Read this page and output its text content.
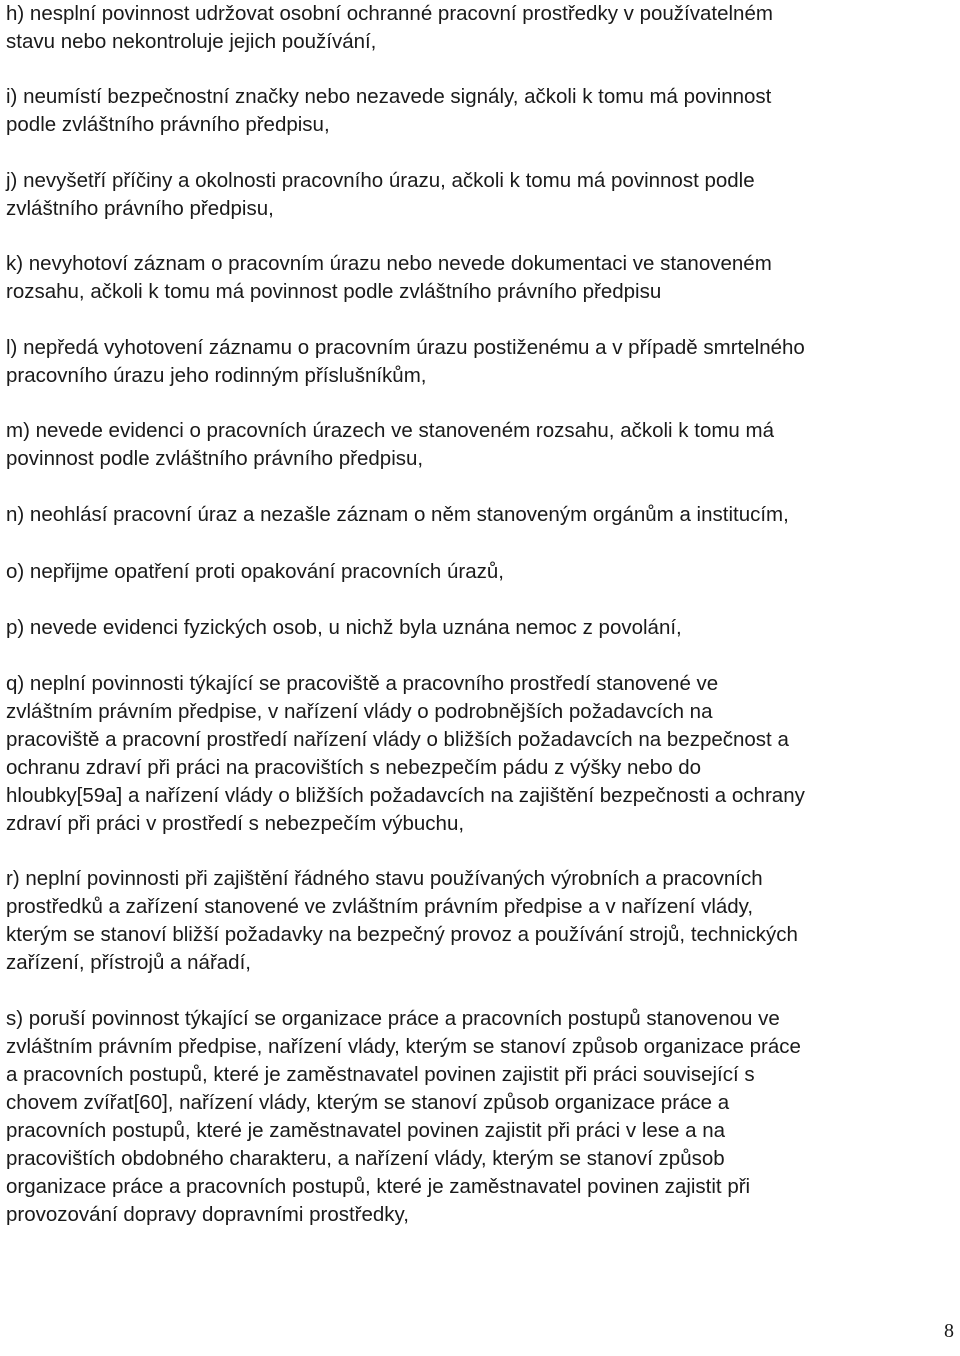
h) nesplní povinnost udržovat osobní ochranné pracovní prostředky v používatelném
stavu nebo nekontroluje jejich používání,

i) neumístí bezpečnostní značky nebo nezavede signály, ačkoli k tomu má povinnost
podle zvláštního právního předpisu,

j) nevyšetří příčiny a okolnosti pracovního úrazu, ačkoli k tomu má povinnost podle
zvláštního právního předpisu,

k) nevyhotoví záznam o pracovním úrazu nebo nevede dokumentaci ve stanoveném
rozsahu, ačkoli k tomu má povinnost podle zvláštního právního předpisu

l) nepředá vyhotovení záznamu o pracovním úrazu postiženému a v případě smrtelného
pracovního úrazu jeho rodinným příslušníkům,

m) nevede evidenci o pracovních úrazech ve stanoveném rozsahu, ačkoli k tomu má
povinnost podle zvláštního právního předpisu,

n) neohlásí pracovní úraz a nezašle záznam o něm stanoveným orgánům a institucím,

o) nepřijme opatření proti opakování pracovních úrazů,

p) nevede evidenci fyzických osob, u nichž byla uznána nemoc z povolání,

q) neplní povinnosti týkající se pracoviště a pracovního prostředí stanovené ve
zvláštním právním předpise, v nařízení vlády o podrobnějších požadavcích na
pracoviště a pracovní prostředí nařízení vlády o bližších požadavcích na bezpečnost a
ochranu zdraví při práci na pracovištích s nebezpečím pádu z výšky nebo do
hloubky[59a] a nařízení vlády o bližších požadavcích na zajištění bezpečnosti a ochrany
zdraví při práci v prostředí s nebezpečím výbuchu,

r) neplní povinnosti při zajištění řádného stavu používaných výrobních a pracovních
prostředků a zařízení stanovené ve zvláštním právním předpise a v nařízení vlády,
kterým se stanoví bližší požadavky na bezpečný provoz a používání strojů, technických
zařízení, přístrojů a nářadí,

s) poruší povinnost týkající se organizace práce a pracovních postupů stanovenou ve
zvláštním právním předpise, nařízení vlády, kterým se stanoví způsob organizace práce
a pracovních postupů, které je zaměstnavatel povinen zajistit při práci související s
chovem zvířat[60], nařízení vlády, kterým se stanoví způsob organizace práce a
pracovních postupů, které je zaměstnavatel povinen zajistit při práci v lese a na
pracovištích obdobného charakteru, a nařízení vlády, kterým se stanoví způsob
organizace práce a pracovních postupů, které je zaměstnavatel povinen zajistit při
provozování dopravy dopravními prostředky,

8
